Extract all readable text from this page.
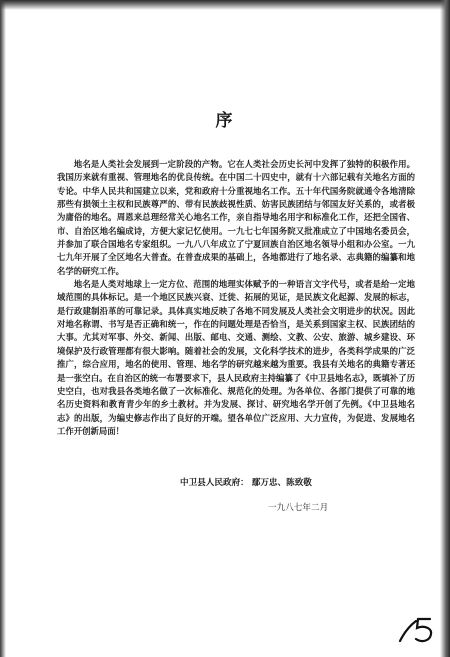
序

地名是人类社会发展到一定阶段的产物。它在人类社会历史长河中发挥了独特的积极作用。我国历来就有重视、管理地名的优良传统。在中国二十四史中，就有十六部记载有关地名方面的专论。中华人民共和国建立以来，党和政府十分重视地名工作。五十年代国务院就通令各地清除那些有损领土主权和民族尊严的、带有民族歧视性质、妨害民族团结与邻国友好关系的，或者极为庸俗的地名。周恩来总理经常关心地名工作，亲自指导地名用字和标准化工作，还把全国省、市、自治区地名编成诗，方便大家记忆使用。一九七七年国务院又批准成立了中国地名委员会，并参加了联合国地名专家组织。一九八八年成立了宁夏回族自治区地名领导小组和办公室。一九七九年开展了全区地名大普查。在普查成果的基础上，各地都进行了地名录、志典籍的编纂和地名学的研究工作。

地名是人类对地球上一定方位、范围的地理实体赋予的一种语言文字代号，或者是给一定地域范围的具体标记。是一个地区民族兴衰、迁徙、拓展的见证，是民族文化起源、发展的标志，是行政建制沿革的可靠记录。具体真实地反映了各地不同发展及人类社会文明进步的状况。因此对地名称谓、书写是否正确和统一，作在的问题处理是否恰当，是关系到国家主权、民族团结的大事。尤其对军事、外交、新闻、出版、邮电、交通、测绘、文教、公安、旅游、城乡建设、环境保护及行政管理都有很大影响。随着社会的发展，文化科学技术的进步，各类科学成果的广泛推广，综合应用，地名的使用、管理、地名学的研究越来越为重要。我县有关地名的典籍专著还是一张空白。在自治区的统一布署要求下，县人民政府主持编纂了《中卫县地名志》，既填补了历史空白，也对我县各类地名做了一次标准化、规范化的处理。为各单位、各部门提供了可靠的地名历史资料和教育青少年的乡土教材。并为发展、探讨、研究地名学开创了先例。《中卫县地名志》的出版，为编史修志作出了良好的开端。望各单位广泛应用、大力宣传，为促进、发展地名工作开创新局面！

中卫县人民政府： 鄢万忠、陈致敬
一九八七年二月
